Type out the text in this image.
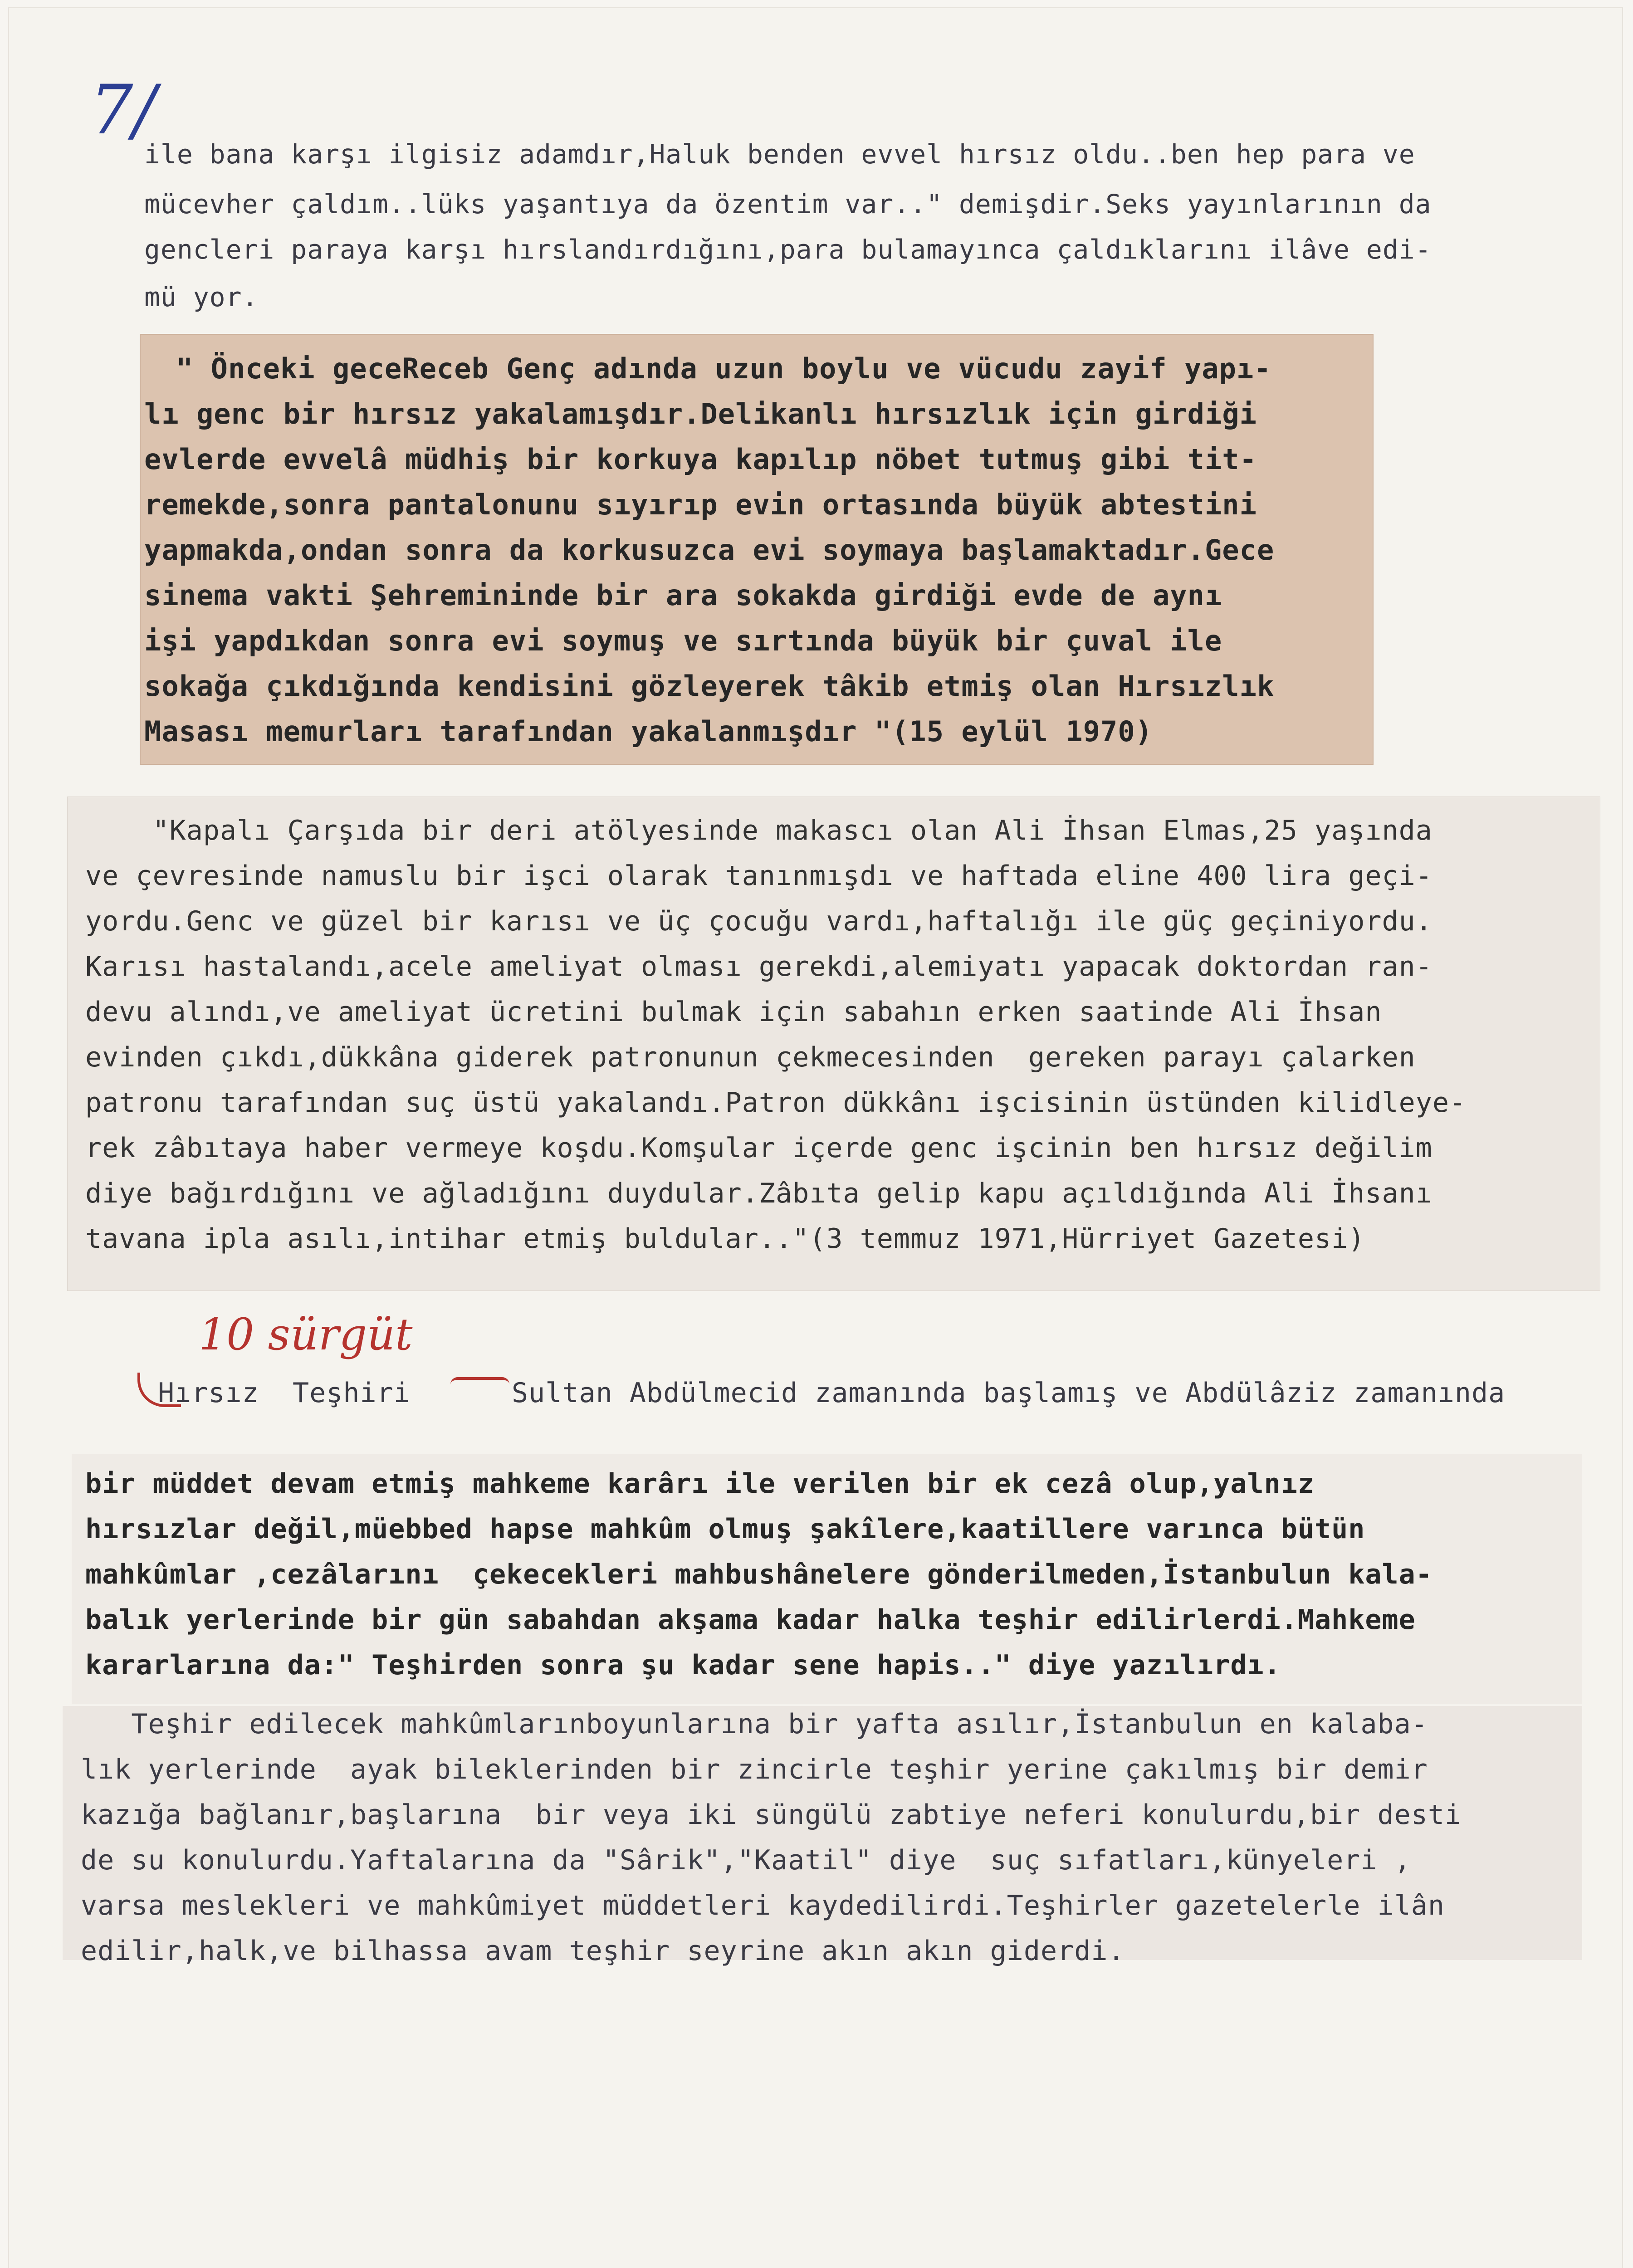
7/
ile bana karşı ilgisiz adamdır,Haluk benden evvel hırsız oldu..ben hep para ve
mücevher çaldım..lüks yaşantıya da özentim var.." demişdir.Seks yayınlarının da
gencleri paraya karşı hırslandırdığını,para bulamayınca çaldıklarını ilâve edi-
mü yor.
" Önceki geceReceb Genç adında uzun boylu ve vücudu zayif yapı-
lı genc bir hırsız yakalamışdır.Delikanlı hırsızlık için girdiği
evlerde evvelâ müdhiş bir korkuya kapılıp nöbet tutmuş gibi tit-
remekde,sonra pantalonunu sıyırıp evin ortasında büyük abtestini
yapmakda,ondan sonra da korkusuzca evi soymaya başlamaktadır.Gece
sinema vakti Şehremininde bir ara sokakda girdiği evde de aynı
işi yapdıkdan sonra evi soymuş ve sırtında büyük bir çuval ile
sokağa çıkdığında kendisini gözleyerek tâkib etmiş olan Hırsızlık
Masası memurları tarafından yakalanmışdır "(15 eylül 1970)
"Kapalı Çarşıda bir deri atölyesinde makascı olan Ali İhsan Elmas,25 yaşında
ve çevresinde namuslu bir işci olarak tanınmışdı ve haftada eline 400 lira geçi-
yordu.Genc ve güzel bir karısı ve üç çocuğu vardı,haftalığı ile güç geçiniyordu.
Karısı hastalandı,acele ameliyat olması gerekdi,alemiyatı yapacak doktordan ran-
devu alındı,ve ameliyat ücretini bulmak için sabahın erken saatinde Ali İhsan
evinden çıkdı,dükkâna giderek patronunun çekmecesinden  gereken parayı çalarken
patronu tarafından suç üstü yakalandı.Patron dükkânı işcisinin üstünden kilidleye-
rek zâbıtaya haber vermeye koşdu.Komşular içerde genc işcinin ben hırsız değilim
diye bağırdığını ve ağladığını duydular.Zâbıta gelip kapu açıldığında Ali İhsanı
tavana ipla asılı,intihar etmiş buldular.."(3 temmuz 1971,Hürriyet Gazetesi)
10 sürgüt
Hırsız  Teşhiri	Sultan Abdülmecid zamanında başlamış ve Abdülâziz zamanında
bir müddet devam etmiş mahkeme karârı ile verilen bir ek cezâ olup,yalnız
hırsızlar değil,müebbed hapse mahkûm olmuş şakîlere,kaatillere varınca bütün
mahkûmlar ,cezâlarını  çekecekleri mahbushânelere gönderilmeden,İstanbulun kala-
balık yerlerinde bir gün sabahdan akşama kadar halka teşhir edilirlerdi.Mahkeme
kararlarına da:" Teşhirden sonra şu kadar sene hapis.." diye yazılırdı.
Teşhir edilecek mahkûmlarınboyunlarına bir yafta asılır,İstanbulun en kalaba-
lık yerlerinde  ayak bileklerinden bir zincirle teşhir yerine çakılmış bir demir
kazığa bağlanır,başlarına  bir veya iki süngülü zabtiye neferi konulurdu,bir desti
de su konulurdu.Yaftalarına da "Sârik","Kaatil" diye  suç sıfatları,künyeleri ,
varsa meslekleri ve mahkûmiyet müddetleri kaydedilirdi.Teşhirler gazetelerle ilân
edilir,halk,ve bilhassa avam teşhir seyrine akın akın giderdi.
